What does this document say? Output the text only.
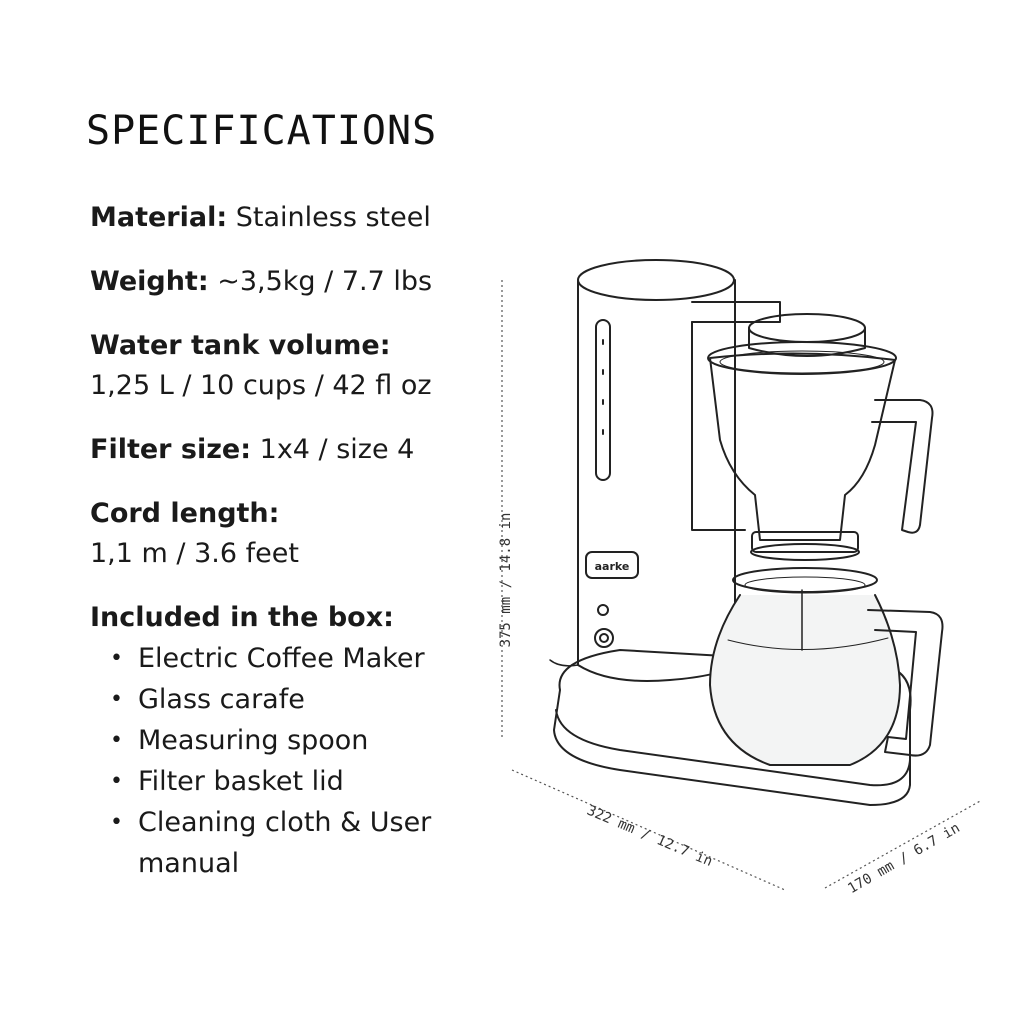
SPECIFICATIONS

Material: Stainless steel

Weight: ~3,5kg / 7.7 lbs

Water tank volume:
1,25 L / 10 cups / 42 fl oz

Filter size: 1x4 / size 4

Cord length:
1,1 m / 3.6 feet

Included in the box:
• Electric Coffee Maker
• Glass carafe
• Measuring spoon
• Filter basket lid
• Cleaning cloth & User manual
aarke
375 mm / 14.8 in
322 mm / 12.7 in	170 mm / 6.7 in
